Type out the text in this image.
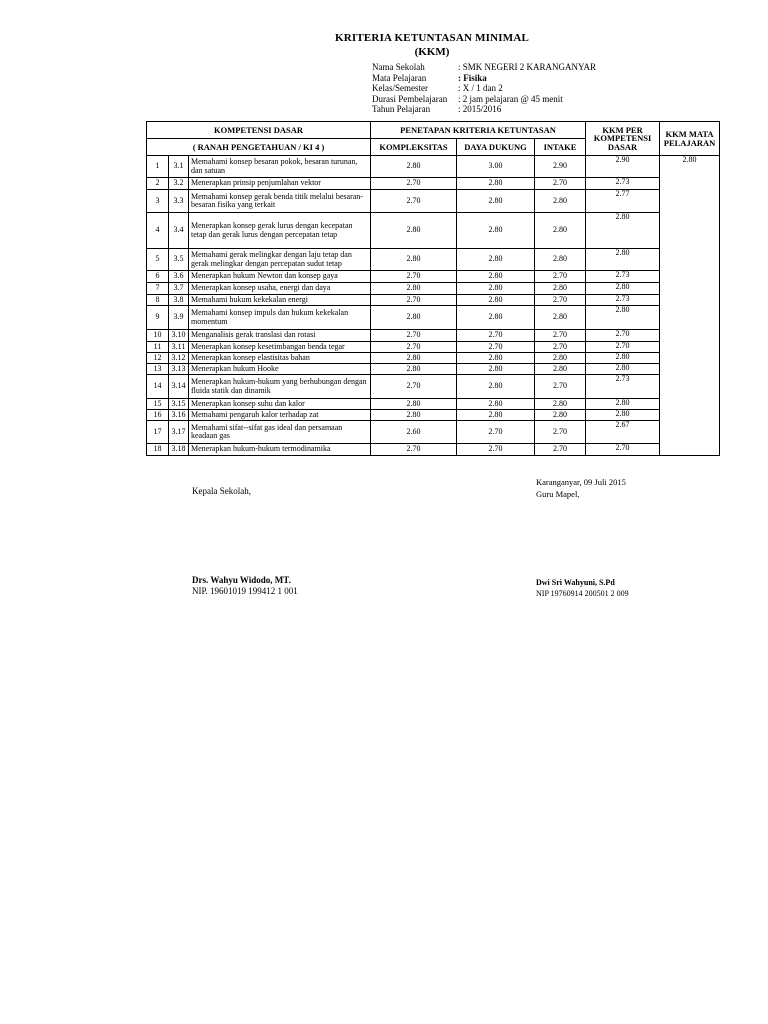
KRITERIA KETUNTASAN MINIMAL
(KKM)
Nama Sekolah	: SMK NEGERI 2 KARANGANYAR
Mata Pelajaran	: Fisika
Kelas/Semester	: X / 1 dan 2
Durasi Pembelajaran	: 2 jam pelajaran @ 45 menit
Tahun Pelajaran	: 2015/2016
KOMPETENSI DASAR			PENETAPAN KRITERIA KETUNTASAN			KKM PER KOMPETENSI DASAR	KKM MATA PELAJARAN
( RANAH PENGETAHUAN / KI 4 )			KOMPLEKSITAS	DAYA DUKUNG	INTAKE		
1	3.1	Memahami konsep besaran pokok, besaran turunan, dan satuan	2.80	3.00	2.90	2.90	2.80
2	3.2	Menerapkan prinsip penjumlahan vektor	2.70	2.80	2.70	2.73	
3	3.3	Memahami konsep gerak benda titik melalui besaran-besaran fisika yang terkait	2.70	2.80	2.80	2.77	
4	3.4	Menerapkan konsep gerak lurus dengan kecepatan tetap dan gerak lurus dengan percepatan tetap	2.80	2.80	2.80	2.80	
5	3.5	Memahami gerak melingkar dengan laju tetap dan gerak melingkar dengan percepatan sudut tetap	2.80	2.80	2.80	2.80	
6	3.6	Menerapkan hukum Newton dan konsep gaya	2.70	2.80	2.70	2.73	
7	3.7	Menerapkan konsep usaha, energi dan daya	2.80	2.80	2.80	2.80	
8	3.8	Memahami hukum kekekalan energi	2.70	2.80	2.70	2.73	
9	3.9	Memahami konsep impuls dan hukum kekekalan momentum	2.80	2.80	2.80	2.80	
10	3.10	Menganalisis gerak translasi dan rotasi	2.70	2.70	2.70	2.70	
11	3.11	Menerapkan konsep kesetimbangan benda tegar	2.70	2.70	2.70	2.70	
12	3.12	Menerapkan konsep elastisitas bahan	2.80	2.80	2.80	2.80	
13	3.13	Menerapkan hukum Hooke	2.80	2.80	2.80	2.80	
14	3.14	Menerapkan hukum-hukum yang berhubungan dengan fluida statik dan dinamik	2.70	2.80	2.70	2.73	
15	3.15	Menerapkan konsep suhu dan kalor	2.80	2.80	2.80	2.80	
16	3.16	Memahami pengaruh kalor terhadap zat	2.80	2.80	2.80	2.80	
17	3.17	Memahami sifat--sifat gas ideal dan persamaan keadaan gas	2.60	2.70	2.70	2.67	
18	3.18	Menerapkan hukum-hukum termodinamika	2.70	2.70	2.70	2.70	
Karanganyar, 09 Juli 2015
Guru Mapel,
Kepala Sekolah,
Drs. Wahyu Widodo, MT.
NIP. 19601019 199412 1 001
Dwi Sri Wahyuni, S.Pd
NIP 19760914 200501 2 009
